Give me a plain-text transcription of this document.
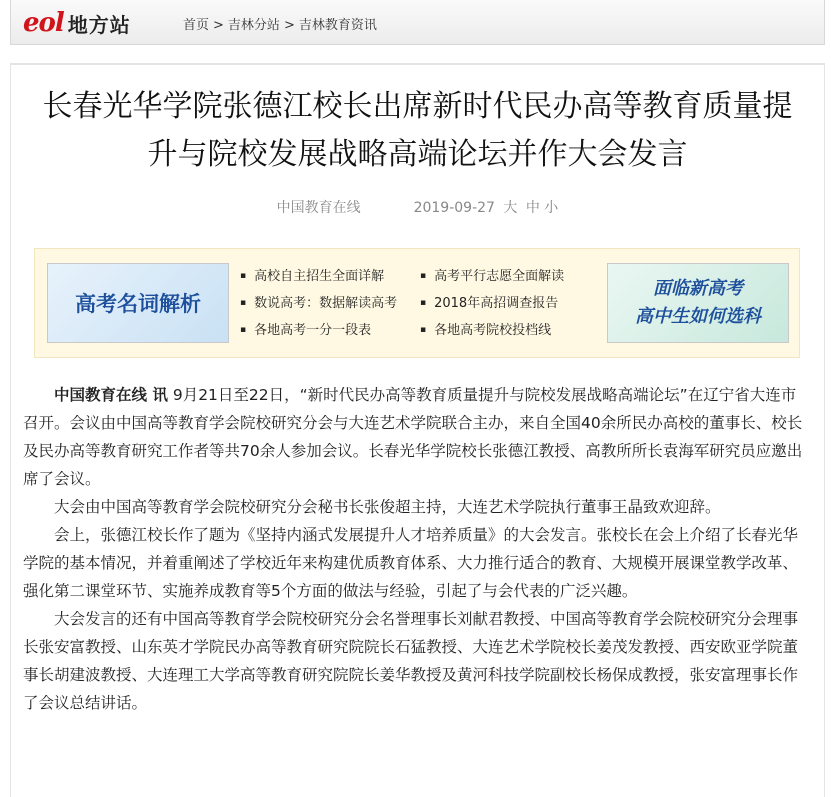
eol 地方站	首页 > 吉林分站 > 吉林教育资讯
长春光华学院张德江校长出席新时代民办高等教育质量提
升与院校发展战略高端论坛并作大会发言
中国教育在线	2019-09-27 大 中 小
高考名词解析
▪ 高校自主招生全面详解	▪ 高考平行志愿全面解读
▪ 数说高考：数据解读高考	▪ 2018年高招调查报告
▪ 各地高考一分一段表	▪ 各地高考院校投档线
面临新高考
高中生如何选科

中国教育在线 讯 9月21日至22日，“新时代民办高等教育质量提升与院校发展战略高端论坛”在辽宁省大连市召开。会议由中国高等教育学会院校研究分会与大连艺术学院联合主办，来自全国40余所民办高校的董事长、校长及民办高等教育研究工作者等共70余人参加会议。长春光华学院校长张德江教授、高教所所长袁海军研究员应邀出席了会议。

大会由中国高等教育学会院校研究分会秘书长张俊超主持，大连艺术学院执行董事王晶致欢迎辞。

会上，张德江校长作了题为《坚持内涵式发展提升人才培养质量》的大会发言。张校长在会上介绍了长春光华学院的基本情况，并着重阐述了学校近年来构建优质教育体系、大力推行适合的教育、大规模开展课堂教学改革、强化第二课堂环节、实施养成教育等5个方面的做法与经验，引起了与会代表的广泛兴趣。

大会发言的还有中国高等教育学会院校研究分会名誉理事长刘献君教授、中国高等教育学会院校研究分会理事长张安富教授、山东英才学院民办高等教育研究院院长石猛教授、大连艺术学院校长姜茂发教授、西安欧亚学院董事长胡建波教授、大连理工大学高等教育研究院院长姜华教授及黄河科技学院副校长杨保成教授，张安富理事长作了会议总结讲话。
